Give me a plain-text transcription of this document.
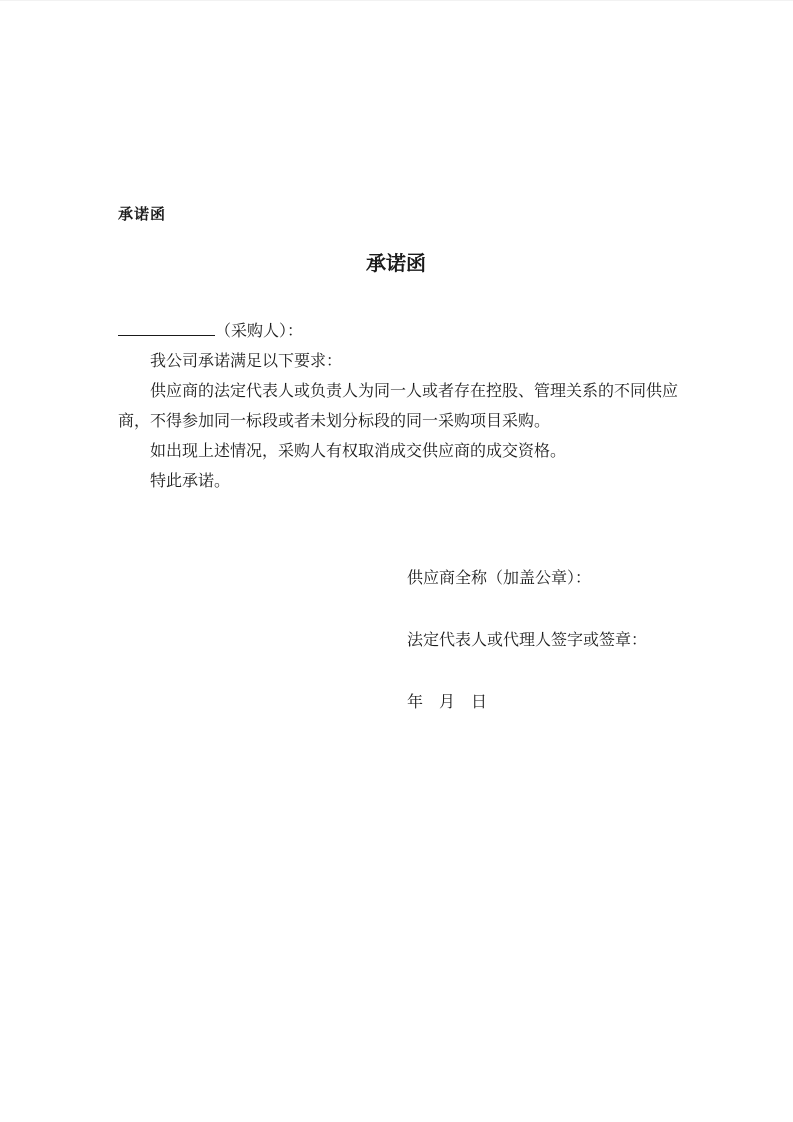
承诺函
承诺函

（采购人）：

我公司承诺满足以下要求：

供应商的法定代表人或负责人为同一人或者存在控股、管理关系的不同供应商，不得参加同一标段或者未划分标段的同一采购项目采购。

如出现上述情况，采购人有权取消成交供应商的成交资格。

特此承诺。

供应商全称（加盖公章）：

法定代表人或代理人签字或签章：

年　月　日
